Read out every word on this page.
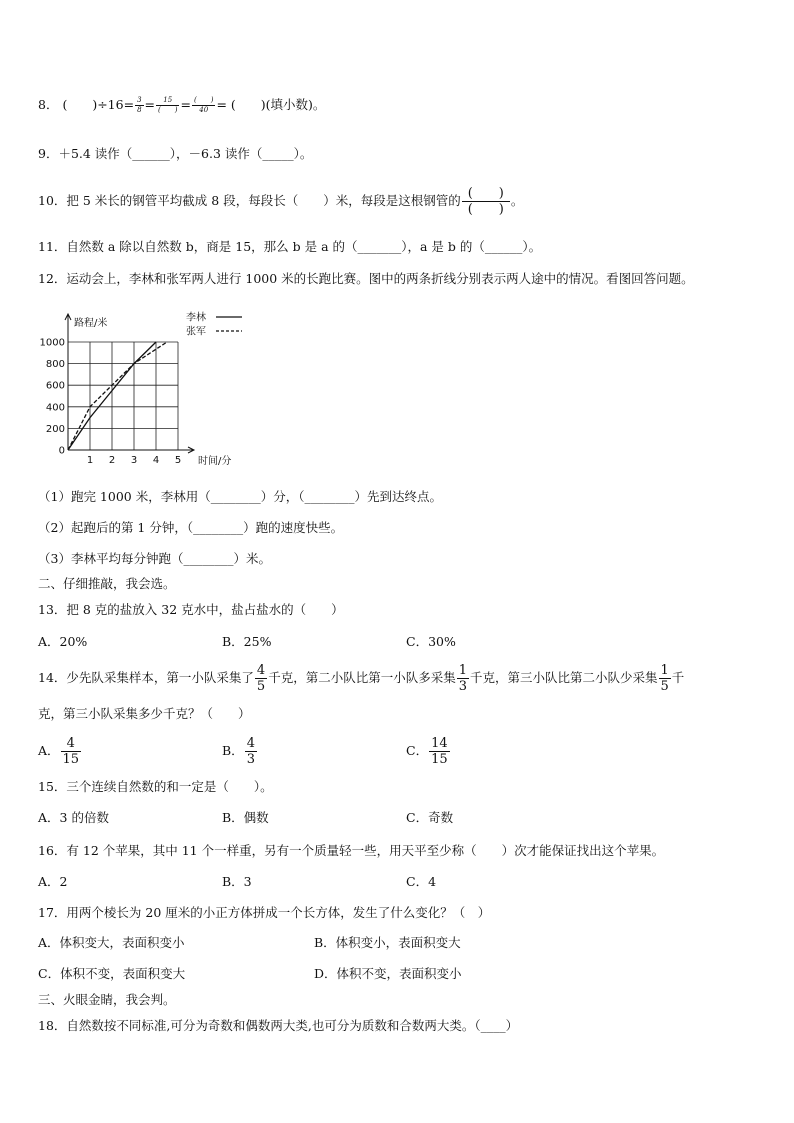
8． (　　)$\div 16= \frac{3}{8} = \frac{15}{( )} = \frac{( )}{40}$ = (　　)(填小数)。
9．＋5.4 读作（______），－6.3 读作（_____）。
10．把 5 米长的钢管平均截成 8 段，每段长（　　）米，每段是这根钢管的 $\frac{( )}{( )}$ 。
11．自然数 a 除以自然数 b，商是 15，那么 b 是 a 的（_______），a 是 b 的（______）。
12．运动会上，李林和张军两人进行 1000 米的长跑比赛。图中的两条折线分别表示两人途中的情况。看图回答问题。
路程/米
时间/分
0
200
400
600
800
1000
1 2 3 4 5
李林
张军
（1）跑完 1000 米，李林用（________）分，（________）先到达终点。
（2）起跑后的第 1 分钟，（________）跑的速度快些。
（3）李林平均每分钟跑（________）米。
二、仔细推敲，我会选。
13．把 8 克的盐放入 32 克水中，盐占盐水的（　　）
A．20%	B．25%	C．30%
14．少先队采集样本，第一小队采集了 $\frac{4}{5}$ 千克，第二小队比第一小队多采集 $\frac{1}{3}$ 千克，第三小队比第二小队少采集 $\frac{1}{5}$ 千
克，第三小队采集多少千克？（　　）
A． $\frac{4}{15}$	B． $\frac{4}{3}$	C． $\frac{14}{15}$
15．三个连续自然数的和一定是（　　）。
A．3 的倍数	B．偶数	C．奇数
16．有 12 个苹果，其中 11 个一样重，另有一个质量轻一些，用天平至少称（　　）次才能保证找出这个苹果。
A．2	B．3	C．4
17．用两个棱长为 20 厘米的小正方体拼成一个长方体，发生了什么变化？（　）
A．体积变大，表面积变小	B．体积变小，表面积变大
C．体积不变，表面积变大	D．体积不变，表面积变小
三、火眼金睛，我会判。
18．自然数按不同标准,可分为奇数和偶数两大类,也可分为质数和合数两大类。（____）
